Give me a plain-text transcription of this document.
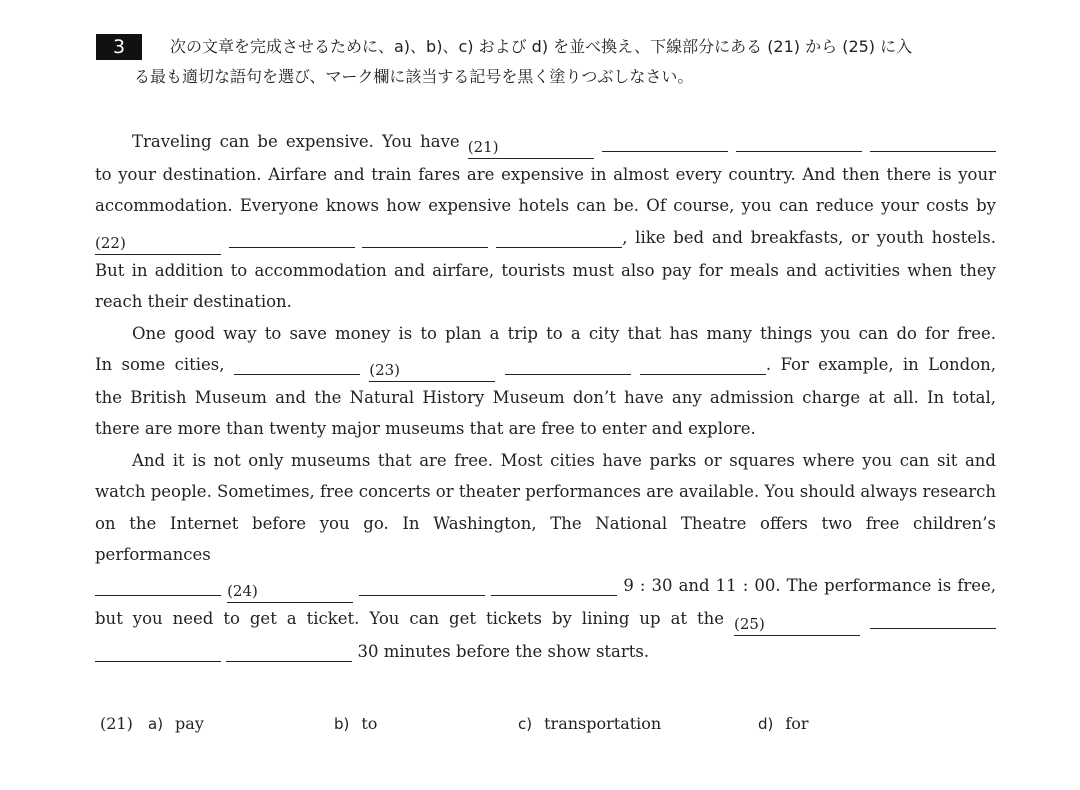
3	次の文章を完成させるために、a)、b)、c) および d) を並べ換え、下線部分にある (21) から (25) に入
る最も適切な語句を選び、マーク欄に該当する記号を黒く塗りつぶしなさい。

Traveling can be expensive. You have (21)

to your destination. Airfare and train fares are expensive in almost every country. And then there is your

accommodation. Everyone knows how expensive hotels can be. Of course, you can reduce your costs by

(22)	, like bed and breakfasts, or youth hostels.

But in addition to accommodation and airfare, tourists must also pay for meals and activities when they

reach their destination.

One good way to save money is to plan a trip to a city that has many things you can do for free.

In some cities,	(23)	. For example, in London,

the British Museum and the Natural History Museum don’t have any admission charge at all. In total,

there are more than twenty major museums that are free to enter and explore.

And it is not only museums that are free. Most cities have parks or squares where you can sit and

watch people. Sometimes, free concerts or theater performances are available. You should always research

on the Internet before you go. In Washington, The National Theatre offers two free children’s performances

(24)	9 : 30 and 11 : 00. The performance is free,

but you need to get a ticket. You can get tickets by lining up at the (25)

30 minutes before the show starts.

(21) a) pay	b) to	c) transportation	d) for
